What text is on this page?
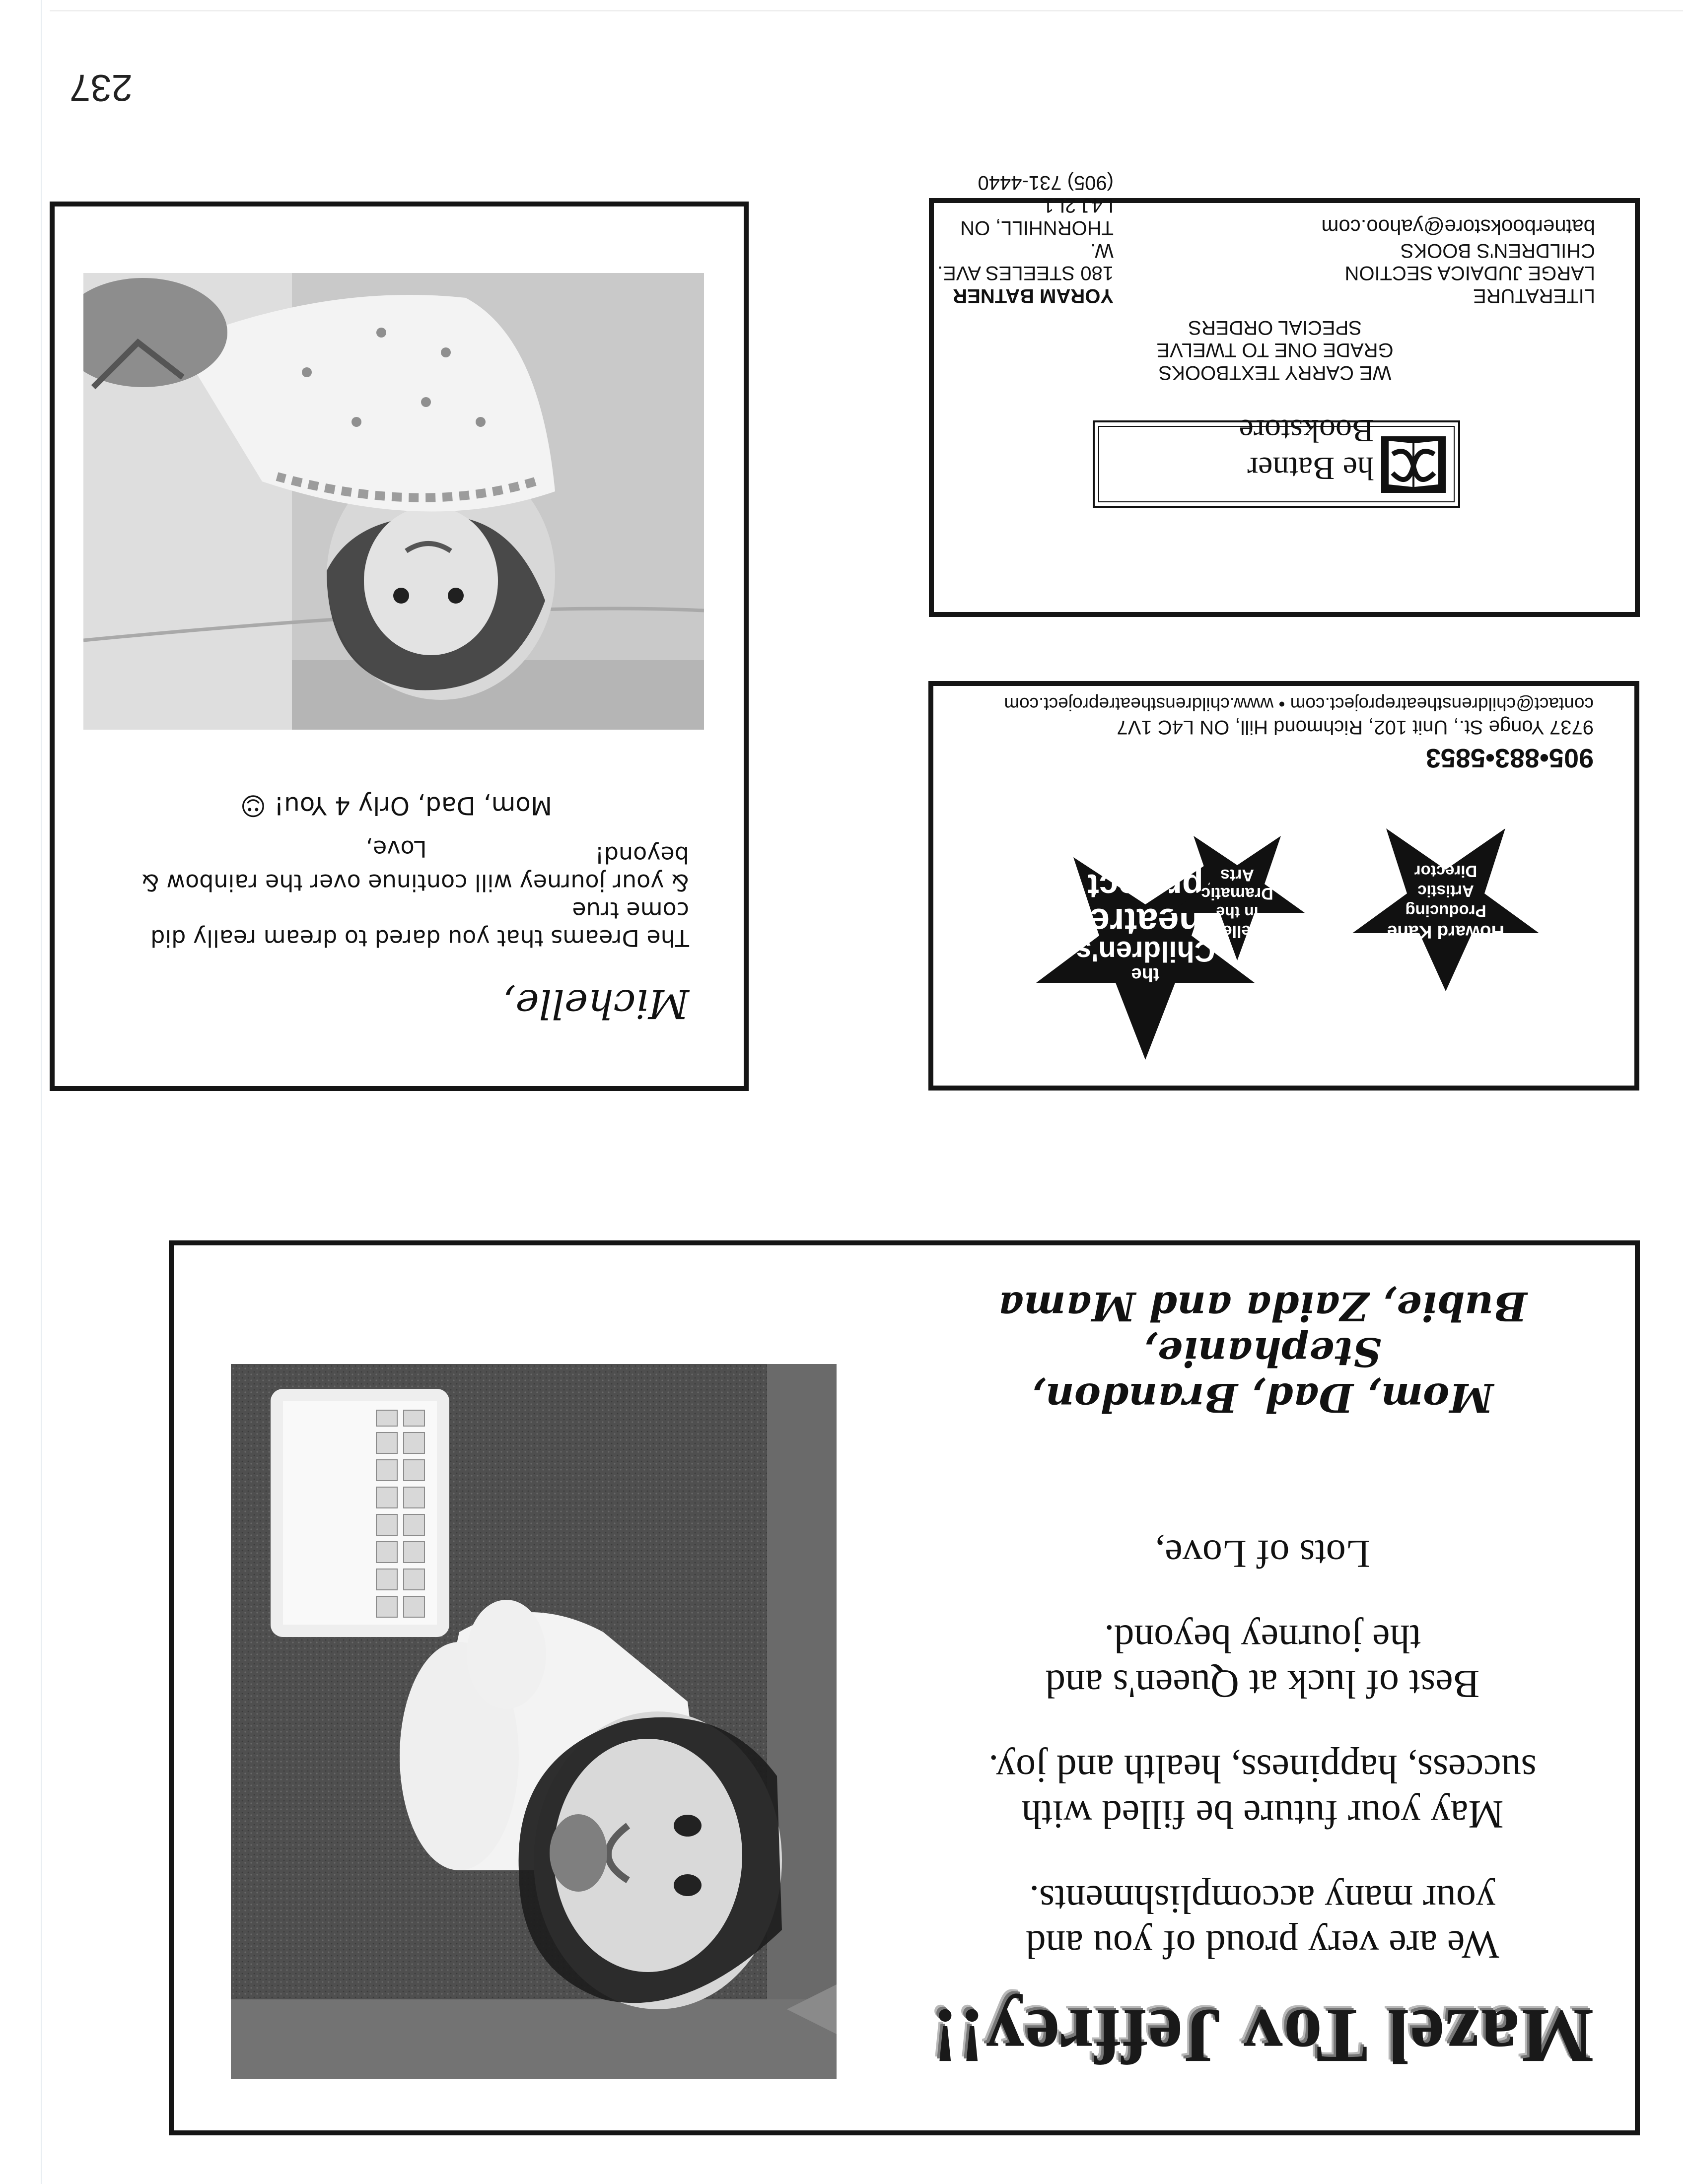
237
Mazel Tov Jeffrey!!
We are very proud of you and
your many accomplishments.
May your future be filled with
success, happiness, health and joy.
Best of luck at Queen's and
the journey beyond.
Lots of Love,
Mom, Dad, Brandon, Stephanie,
Bubie, Zaida and Mama
Michelle,
The Dreams that you dared to dream really did come true
& your journey will continue over the rainbow & beyond!
Love,
Mom, Dad, Orly 4 You! ☺
the
Children's
heatre
project
Excellence
in the
Dramatic
Arts
Howard Kane
Producing
Artistic
Director
905•883•5853
9737 Yonge St., Unit 102, Richmond Hill, ON L4C 1V7
contact@childrenstheatreproject.com • www.childrenstheatreproject.com
he Batner Bookstore
WE CARRY TEXTBOOKS
GRADE ONE TO TWELVE
SPECIAL ORDERS
LITERATURE
LARGE JUDAICA SECTION
CHILDREN'S BOOKS
batnerbookstore@yahoo.com
YORAM BATNER
180 STEELES AVE. W.
THORNHILL, ON L4J 2L1
(905) 731-4440
